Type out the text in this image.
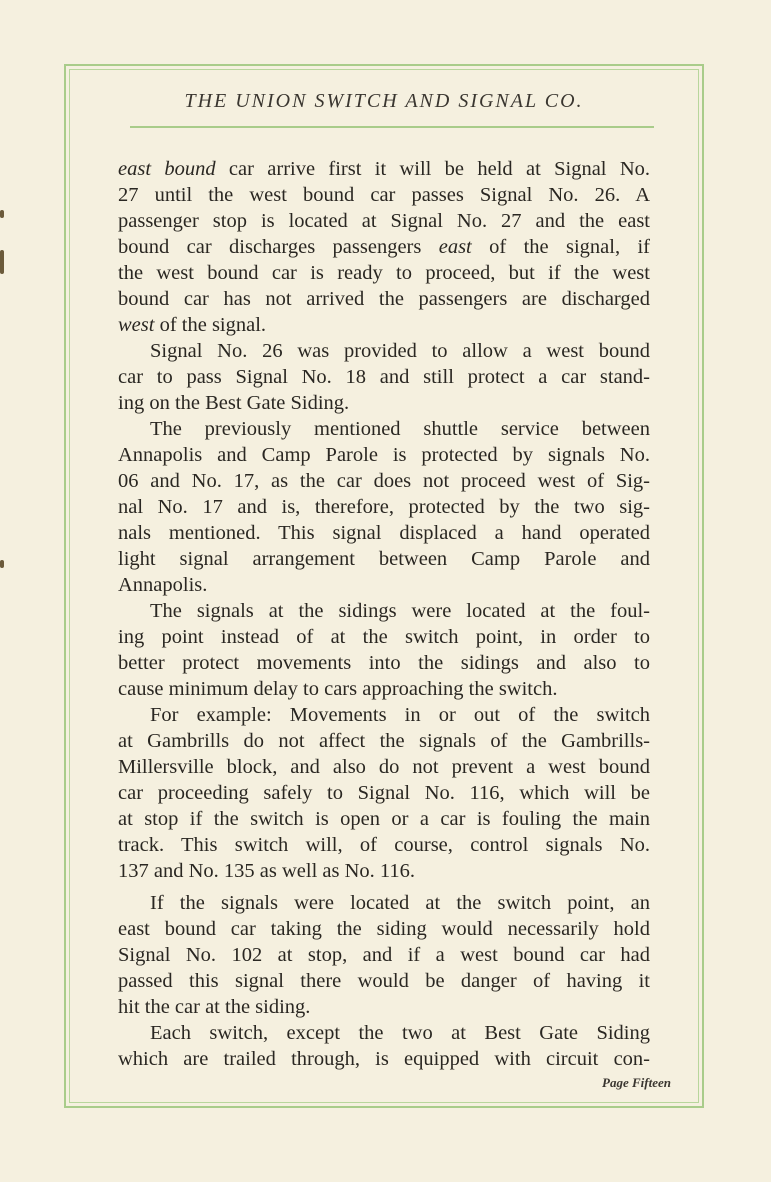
THE UNION SWITCH AND SIGNAL CO.
east bound car arrive first it will be held at Signal No.
27 until the west bound car passes Signal No. 26. A
passenger stop is located at Signal No. 27 and the east
bound car discharges passengers east of the signal, if
the west bound car is ready to proceed, but if the west
bound car has not arrived the passengers are discharged
west of the signal.
Signal No. 26 was provided to allow a west bound
car to pass Signal No. 18 and still protect a car stand-
ing on the Best Gate Siding.
The previously mentioned shuttle service between
Annapolis and Camp Parole is protected by signals No.
06 and No. 17, as the car does not proceed west of Sig-
nal No. 17 and is, therefore, protected by the two sig-
nals mentioned. This signal displaced a hand operated
light signal arrangement between Camp Parole and
Annapolis.
The signals at the sidings were located at the foul-
ing point instead of at the switch point, in order to
better protect movements into the sidings and also to
cause minimum delay to cars approaching the switch.
For example: Movements in or out of the switch
at Gambrills do not affect the signals of the Gambrills-
Millersville block, and also do not prevent a west bound
car proceeding safely to Signal No. 116, which will be
at stop if the switch is open or a car is fouling the main
track. This switch will, of course, control signals No.
137 and No. 135 as well as No. 116.
If the signals were located at the switch point, an
east bound car taking the siding would necessarily hold
Signal No. 102 at stop, and if a west bound car had
passed this signal there would be danger of having it
hit the car at the siding.
Each switch, except the two at Best Gate Siding
which are trailed through, is equipped with circuit con-
Page Fifteen
